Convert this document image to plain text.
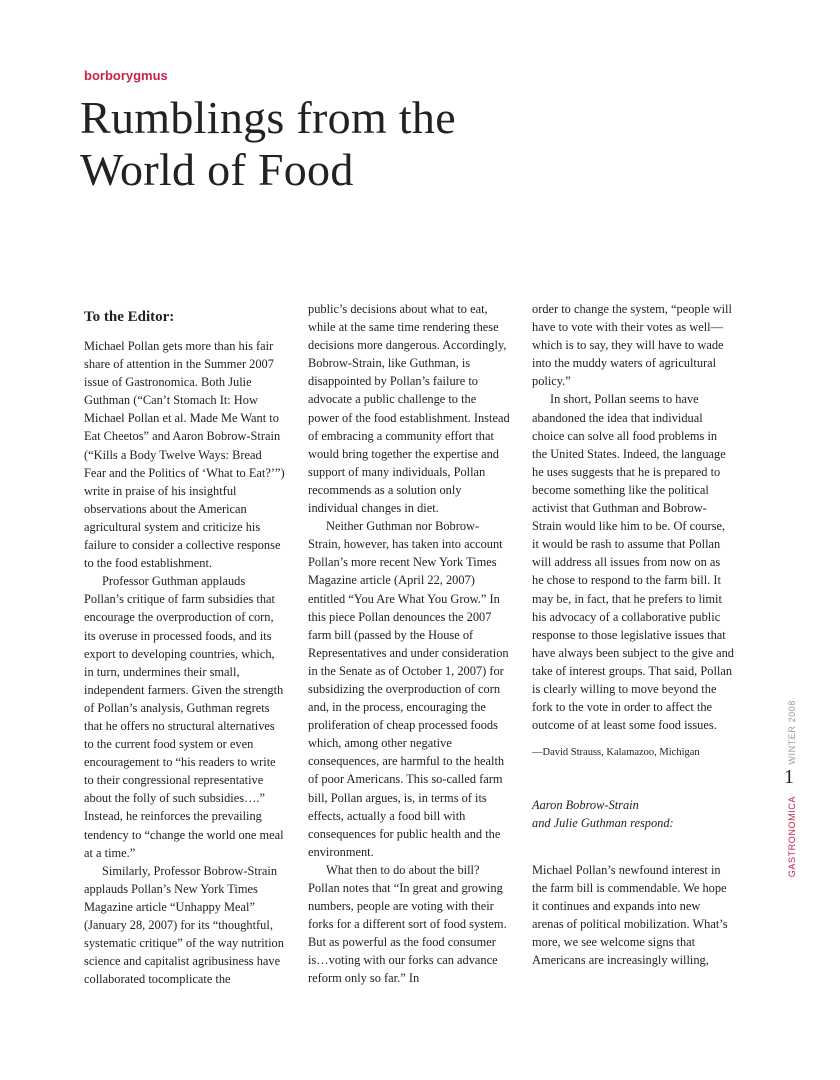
borborygmus
Rumblings from the
World of Food

To the Editor:

Michael Pollan gets more than his fair share of attention in the Summer 2007 issue of Gastronomica. Both Julie Guthman (“Can’t Stomach It: How Michael Pollan et al. Made Me Want to Eat Cheetos” and Aaron Bobrow-Strain (“Kills a Body Twelve Ways: Bread Fear and the Politics of ‘What to Eat?’”) write in praise of his insightful observations about the American agricultural system and criticize his failure to consider a collective response to the food establishment.

Professor Guthman applauds Pollan’s critique of farm subsidies that encourage the overproduction of corn, its overuse in processed foods, and its export to developing countries, which, in turn, undermines their small, independent farmers. Given the strength of Pollan’s analysis, Guthman regrets that he offers no structural alternatives to the current food system or even encouragement to “his readers to write to their congressional representative about the folly of such subsidies….” Instead, he reinforces the prevailing tendency to “change the world one meal at a time.”

Similarly, Professor Bobrow-Strain applauds Pollan’s New York Times Magazine article “Unhappy Meal” (January 28, 2007) for its “thoughtful, systematic critique” of the way nutrition science and capitalist agribusiness have collaborated tocomplicate the

public’s decisions about what to eat, while at the same time rendering these decisions more dangerous. Accordingly, Bobrow-Strain, like Guthman, is disappointed by Pollan’s failure to advocate a public challenge to the power of the food establishment. Instead of embracing a community effort that would bring together the expertise and support of many individuals, Pollan recommends as a solution only individual changes in diet.

Neither Guthman nor Bobrow-Strain, however, has taken into account Pollan’s more recent New York Times Magazine article (April 22, 2007) entitled “You Are What You Grow.” In this piece Pollan denounces the 2007 farm bill (passed by the House of Representatives and under consideration in the Senate as of October 1, 2007) for subsidizing the overproduction of corn and, in the process, encouraging the proliferation of cheap processed foods which, among other negative consequences, are harmful to the health of poor Americans. This so-called farm bill, Pollan argues, is, in terms of its effects, actually a food bill with consequences for public health and the environment.

What then to do about the bill? Pollan notes that “In great and growing numbers, people are voting with their forks for a different sort of food system. But as powerful as the food consumer is…voting with our forks can advance reform only so far.” In

order to change the system, “people will have to vote with their votes as well—which is to say, they will have to wade into the muddy waters of agricultural policy.”

In short, Pollan seems to have abandoned the idea that individual choice can solve all food problems in the United States. Indeed, the language he uses suggests that he is prepared to become something like the political activist that Guthman and Bobrow-Strain would like him to be. Of course, it would be rash to assume that Pollan will address all issues from now on as he chose to respond to the farm bill. It may be, in fact, that he prefers to limit his advocacy of a collaborative public response to those legislative issues that have always been subject to the give and take of interest groups. That said, Pollan is clearly willing to move beyond the fork to the vote in order to affect the outcome of at least some food issues.

—David Strauss, Kalamazoo, Michigan

Aaron Bobrow-Strain
and Julie Guthman respond:

Michael Pollan’s newfound interest in the farm bill is commendable. We hope it continues and expands into new arenas of political mobilization. What’s more, we see welcome signs that Americans are increasingly willing,

WINTER 2008
1
GASTRONOMICA
